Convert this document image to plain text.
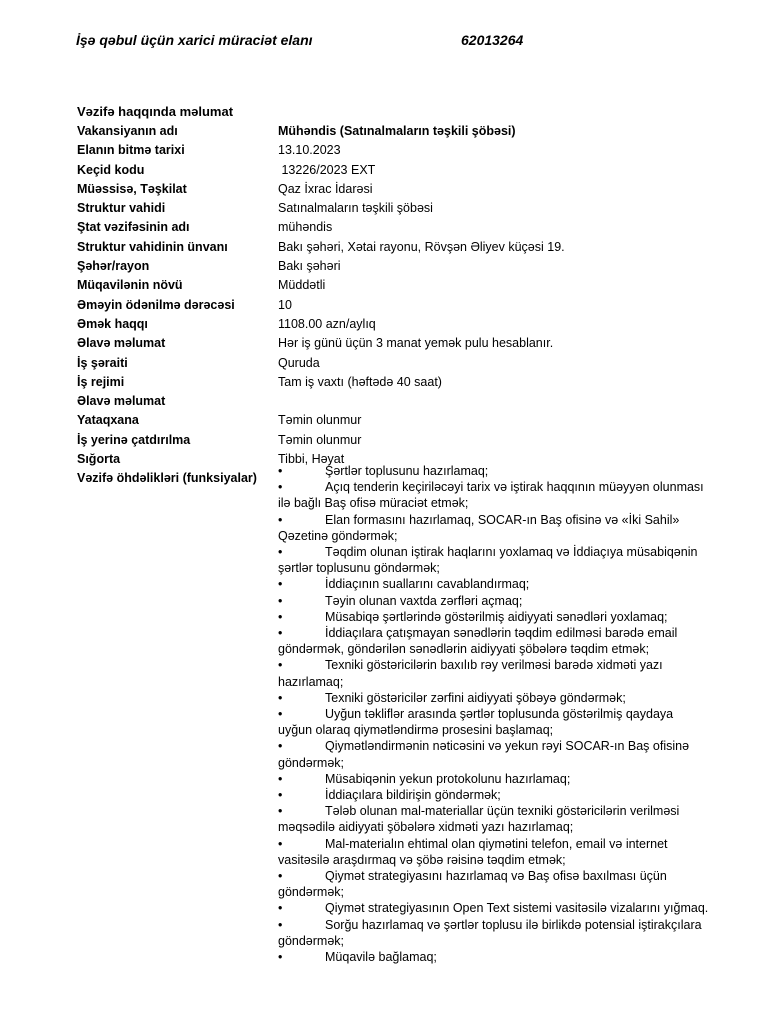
İşə qəbul üçün xarici müraciət elanı	62013264
Vəzifə haqqında məlumat
Vakansiyanın adı	Mühəndis (Satınalmaların təşkili şöbəsi)
Elanın bitmə tarixi	13.10.2023
Keçid kodu	13226/2023 EXT
Müəssisə, Təşkilat	Qaz İxrac İdarəsi
Struktur vahidi	Satınalmaların təşkili şöbəsi
Ştat vəzifəsinin adı	mühəndis
Struktur vahidinin ünvanı	Bakı şəhəri, Xətai rayonu, Rövşən Əliyev küçəsi 19.
Şəhər/rayon	Bakı şəhəri
Müqavilənin növü	Müddətli
Əməyin ödənilmə dərəcəsi	10
Əmək haqqı	1108.00 azn/aylıq
Əlavə məlumat	Hər iş günü üçün 3 manat yemək pulu hesablanır.
İş şəraiti	Quruda
İş rejimi	Tam iş vaxtı (həftədə 40 saat)
Əlavə məlumat
Yataqxana	Təmin olunmur
İş yerinə çatdırılma	Təmin olunmur
Sığorta	Tibbi, Həyat
Vəzifə öhdəlikləri (funksiyalar)

•	Şərtlər toplusunu hazırlamaq;

•	Açıq tenderin keçiriləcəyi tarix və iştirak haqqının müəyyən olunması ilə bağlı Baş ofisə müraciət etmək;

•	Elan formasını hazırlamaq, SOCAR-ın Baş ofisinə və «İki Sahil» Qəzetinə göndərmək;

•	Təqdim olunan iştirak haqlarını yoxlamaq və İddiaçıya müsabiqənin şərtlər toplusunu göndərmək;

•	İddiaçının suallarını cavablandırmaq;

•	Təyin olunan vaxtda zərfləri açmaq;

•	Müsabiqə şərtlərində göstərilmiş aidiyyati sənədləri yoxlamaq;

•	İddiaçılara çatışmayan sənədlərin təqdim edilməsi barədə email göndərmək, göndərilən sənədlərin aidiyyati şöbələrə təqdim etmək;

•	Texniki göstəricilərin baxılıb rəy verilməsi barədə xidməti yazı hazırlamaq;

•	Texniki göstəricilər zərfini aidiyyati şöbəyə göndərmək;

•	Uyğun təkliflər arasında şərtlər toplusunda göstərilmiş qaydaya uyğun olaraq qiymətləndirmə prosesini başlamaq;

•	Qiymətləndirmənin nəticəsini və yekun rəyi SOCAR-ın Baş ofisinə göndərmək;

•	Müsabiqənin yekun protokolunu hazırlamaq;

•	İddiaçılara bildirişin göndərmək;

•	Tələb olunan mal-materiallar üçün texniki göstəricilərin verilməsi məqsədilə aidiyyati şöbələrə xidməti yazı hazırlamaq;

•	Mal-materialın ehtimal olan qiymətini telefon, email və internet vasitəsilə araşdırmaq və şöbə rəisinə təqdim etmək;

•	Qiymət strategiyasını hazırlamaq və Baş ofisə baxılması üçün göndərmək;

•	Qiymət strategiyasının Open Text sistemi vasitəsilə vizalarını yığmaq.

•	Sorğu hazırlamaq və şərtlər toplusu ilə birlikdə potensial iştirakçılara göndərmək;

•	Müqavilə bağlamaq;
